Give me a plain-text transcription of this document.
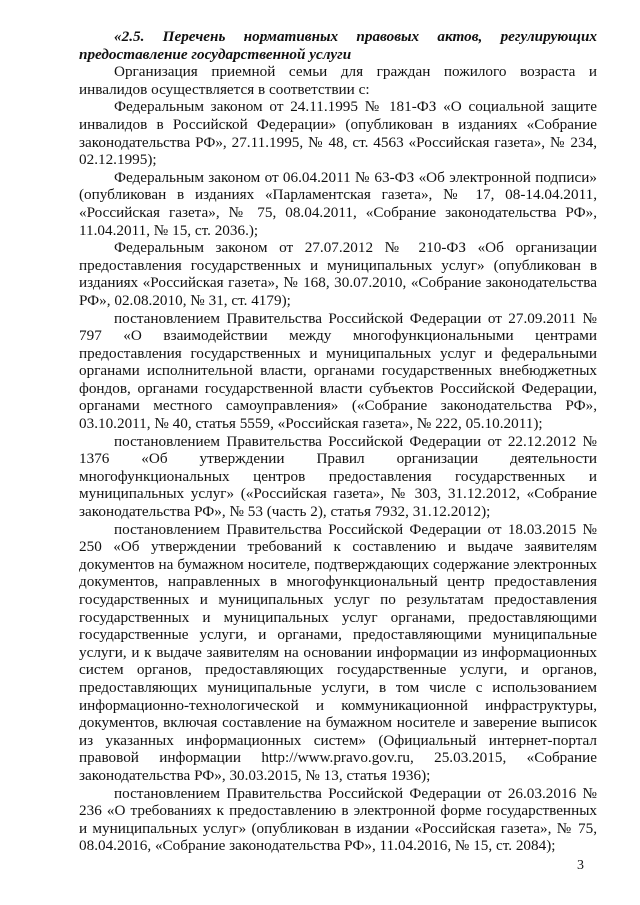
«2.5. Перечень нормативных правовых актов, регулирующих предоставление государственной услуги

Организация приемной семьи для граждан пожилого возраста и инвалидов осуществляется в соответствии с:

Федеральным законом от 24.11.1995 № 181-ФЗ «О социальной защите инвалидов в Российской Федерации» (опубликован в изданиях «Собрание законодательства РФ», 27.11.1995, № 48, ст. 4563 «Российская газета», № 234, 02.12.1995);

Федеральным законом от 06.04.2011 № 63-ФЗ «Об электронной подписи» (опубликован в изданиях «Парламентская газета», № 17, 08-14.04.2011, «Российская газета», № 75, 08.04.2011, «Собрание законодательства РФ», 11.04.2011, № 15, ст. 2036.);

Федеральным законом от 27.07.2012 № 210-ФЗ «Об организации предоставления государственных и муниципальных услуг» (опубликован в изданиях «Российская газета», № 168, 30.07.2010, «Собрание законодательства РФ», 02.08.2010, № 31, ст. 4179);

постановлением Правительства Российской Федерации от 27.09.2011 № 797 «О взаимодействии между многофункциональными центрами предоставления государственных и муниципальных услуг и федеральными органами исполнительной власти, органами государственных внебюджетных фондов, органами государственной власти субъектов Российской Федерации, органами местного самоуправления» («Собрание законодательства РФ», 03.10.2011, № 40, статья 5559, «Российская газета», № 222, 05.10.2011);

постановлением Правительства Российской Федерации от 22.12.2012 № 1376 «Об утверждении Правил организации деятельности многофункциональных центров предоставления государственных и муниципальных услуг» («Российская газета», № 303, 31.12.2012, «Собрание законодательства РФ», № 53 (часть 2), статья 7932, 31.12.2012);

постановлением Правительства Российской Федерации от 18.03.2015 № 250 «Об утверждении требований к составлению и выдаче заявителям документов на бумажном носителе, подтверждающих содержание электронных документов, направленных в многофункциональный центр предоставления государственных и муниципальных услуг по результатам предоставления государственных и муниципальных услуг органами, предоставляющими государственные услуги, и органами, предоставляющими муниципальные услуги, и к выдаче заявителям на основании информации из информационных систем органов, предоставляющих государственные услуги, и органов, предоставляющих муниципальные услуги, в том числе с использованием информационно-технологической и коммуникационной инфраструктуры, документов, включая составление на бумажном носителе и заверение выписок из указанных информационных систем» (Официальный интернет-портал правовой информации http://www.pravo.gov.ru, 25.03.2015, «Собрание законодательства РФ», 30.03.2015, № 13, статья 1936);

постановлением Правительства Российской Федерации от 26.03.2016 № 236 «О требованиях к предоставлению в электронной форме государственных и муниципальных услуг» (опубликован в издании «Российская газета», № 75, 08.04.2016, «Собрание законодательства РФ», 11.04.2016, № 15, ст. 2084);

3
